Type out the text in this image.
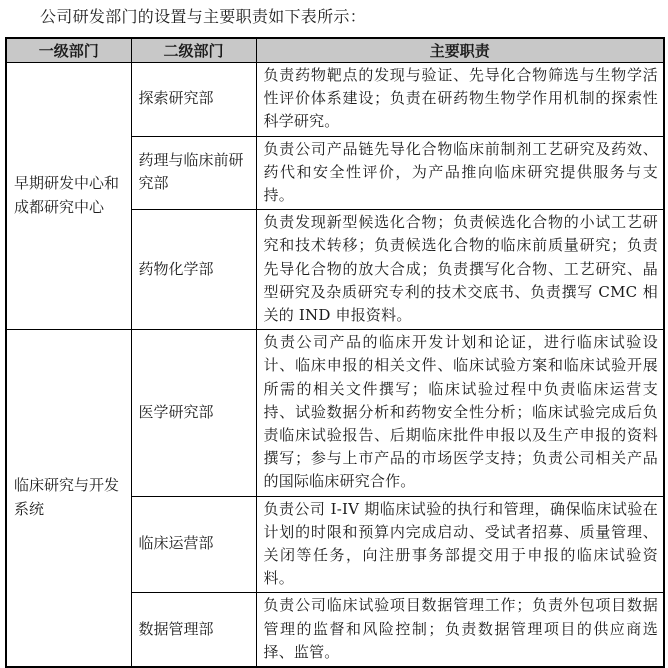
公司研发部门的设置与主要职责如下表所示：
一级部门	二级部门	主要职责
早期研发中心和成都研究中心	探索研究部	负责药物靶点的发现与验证、先导化合物筛选与生物学活性评价体系建设；负责在研药物生物学作用机制的探索性科学研究。
	药理与临床前研究部	负责公司产品链先导化合物临床前制剂工艺研究及药效、药代和安全性评价，为产品推向临床研究提供服务与支持。
	药物化学部	负责发现新型候选化合物；负责候选化合物的小试工艺研究和技术转移；负责候选化合物的临床前质量研究；负责先导化合物的放大合成；负责撰写化合物、工艺研究、晶型研究及杂质研究专利的技术交底书、负责撰写 CMC 相关的 IND 申报资料。
临床研究与开发系统	医学研究部	负责公司产品的临床开发计划和论证，进行临床试验设计、临床申报的相关文件、临床试验方案和临床试验开展所需的相关文件撰写；临床试验过程中负责临床运营支持、试验数据分析和药物安全性分析；临床试验完成后负责临床试验报告、后期临床批件申报以及生产申报的资料撰写；参与上市产品的市场医学支持；负责公司相关产品的国际临床研究合作。
	临床运营部	负责公司 I-IV 期临床试验的执行和管理，确保临床试验在计划的时限和预算内完成启动、受试者招募、质量管理、关闭等任务，向注册事务部提交用于申报的临床试验资料。
	数据管理部	负责公司临床试验项目数据管理工作；负责外包项目数据管理的监督和风险控制；负责数据管理项目的供应商选择、监管。
